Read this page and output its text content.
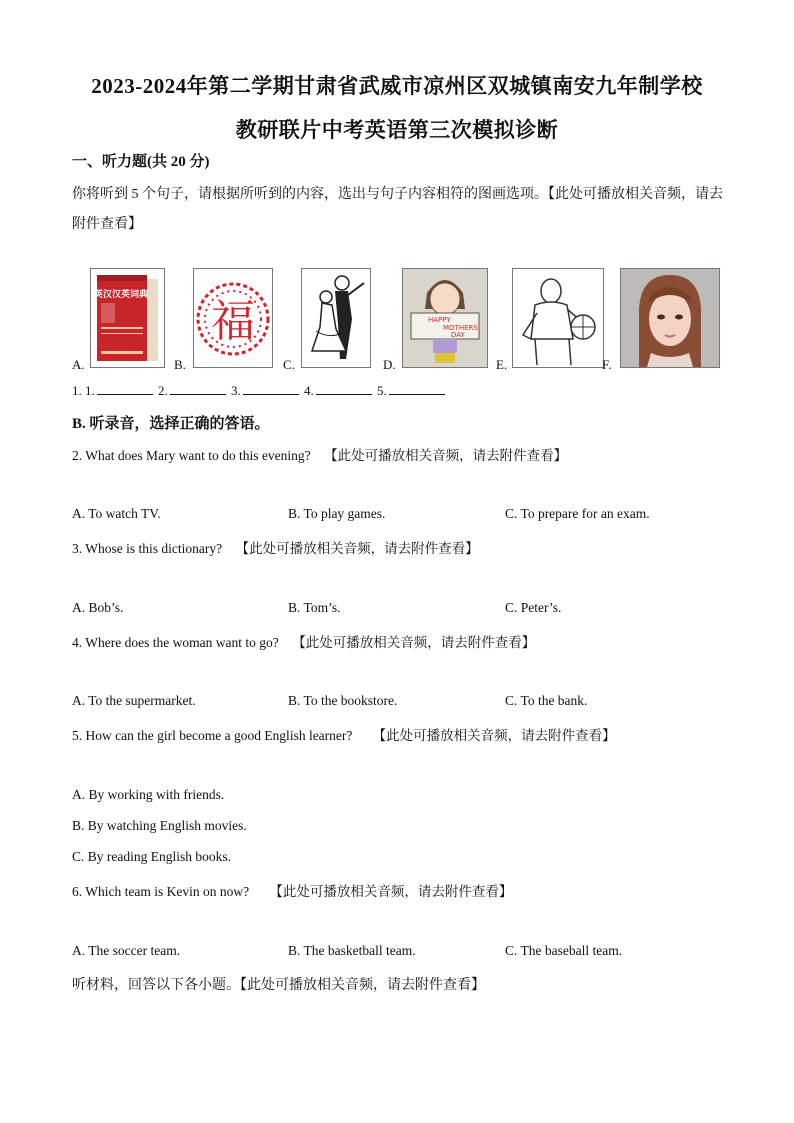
2023-2024年第二学期甘肃省武威市凉州区双城镇南安九年制学校
教研联片中考英语第三次模拟诊断
一、听力题(共 20 分)
你将听到 5 个句子，请根据所听到的内容，选出与句子内容相符的图画选项。【此处可播放相关音频，请去
附件查看】
A.
英汉汉英词典
B.
福
C.	D.
HAPPY
MOTHERS'
DAY
E.	F.
1. 1.	2.	3.	4.	5.
B. 听录音，选择正确的答语。
2. What does Mary want to do this evening? 【此处可播放相关音频，请去附件查看】
A. To watch TV.	B. To play games.	C. To prepare for an exam.
3. Whose is this dictionary? 【此处可播放相关音频，请去附件查看】
A. Bob’s.	B. Tom’s.	C. Peter’s.
4. Where does the woman want to go? 【此处可播放相关音频，请去附件查看】
A. To the supermarket.	B. To the bookstore.	C. To the bank.
5. How can the girl become a good English learner? 【此处可播放相关音频，请去附件查看】
A. By working with friends.
B. By watching English movies.
C. By reading English books.
6. Which team is Kevin on now? 【此处可播放相关音频，请去附件查看】
A. The soccer team.	B. The basketball team.	C. The baseball team.
听材料，回答以下各小题。【此处可播放相关音频，请去附件查看】
